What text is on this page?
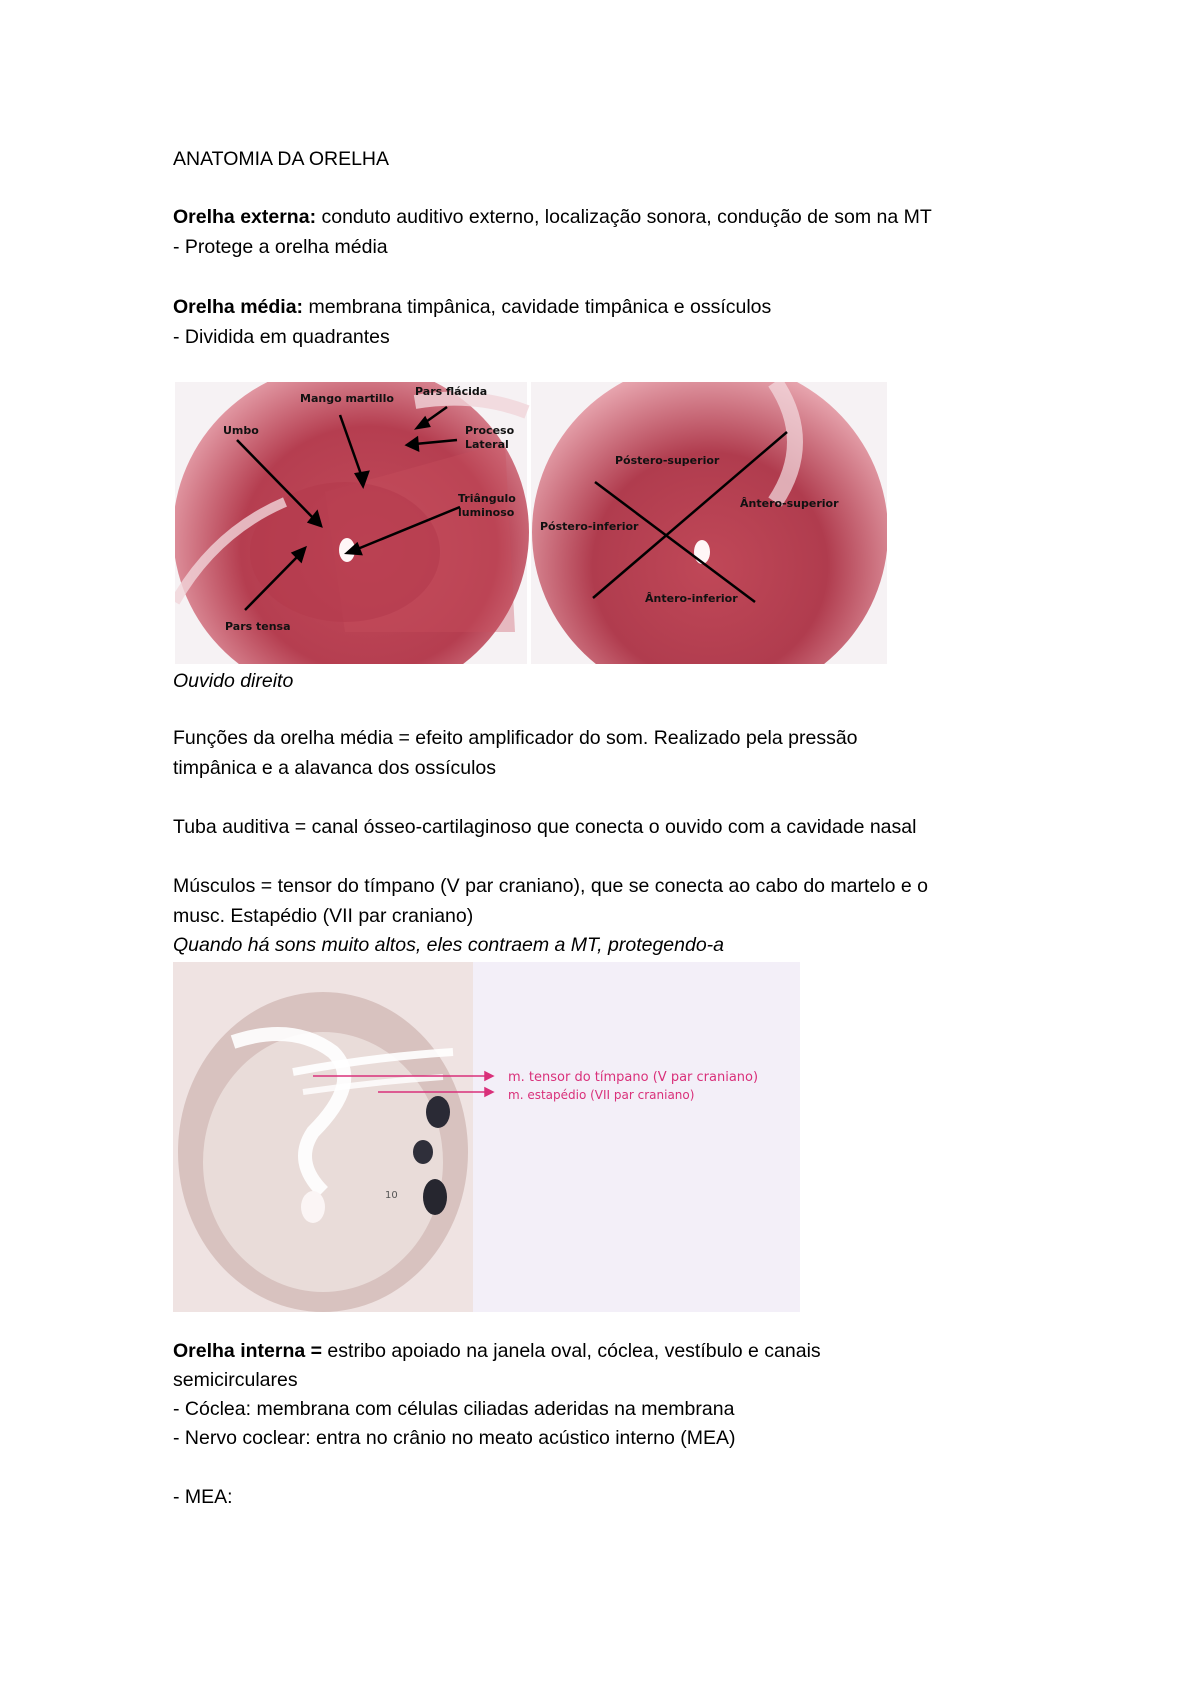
ANATOMIA DA ORELHA
Orelha externa: conduto auditivo externo, localização sonora, condução de som na MT
- Protege a orelha média
Orelha média: membrana timpânica, cavidade timpânica e ossículos
- Dividida em quadrantes
Pars flácida
Mango martillo
Umbo	Proceso
Lateral
Triângulo
luminoso
Pars tensa
Póstero-superior
Ântero-superior
Póstero-inferior
Ântero-inferior
Ouvido direito
Funções da orelha média = efeito amplificador do som. Realizado pela pressão
timpânica e a alavanca dos ossículos
Tuba auditiva = canal ósseo-cartilaginoso que conecta o ouvido com a cavidade nasal
Músculos = tensor do tímpano (V par craniano), que se conecta ao cabo do martelo e o
musc. Estapédio (VII par craniano)
Quando há sons muito altos, eles contraem a MT, protegendo-a
10
m. tensor do tímpano (V par craniano)
m. estapédio (VII par craniano)
Orelha interna = estribo apoiado na janela oval, cóclea, vestíbulo e canais
semicirculares
- Cóclea: membrana com células ciliadas aderidas na membrana
- Nervo coclear: entra no crânio no meato acústico interno (MEA)
- MEA:
